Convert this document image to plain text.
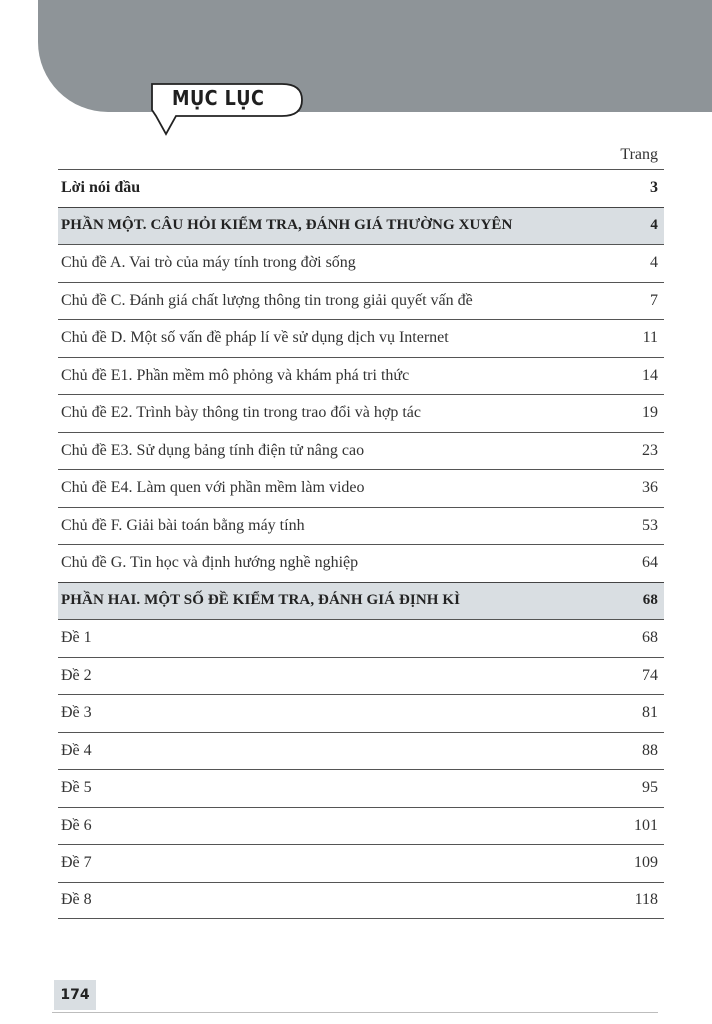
MỤC LỤC
Trang
Lời nói đầu	3
PHẦN MỘT. CÂU HỎI KIỂM TRA, ĐÁNH GIÁ THƯỜNG XUYÊN	4
Chủ đề A. Vai trò của máy tính trong đời sống	4
Chủ đề C. Đánh giá chất lượng thông tin trong giải quyết vấn đề	7
Chủ đề D. Một số vấn đề pháp lí về sử dụng dịch vụ Internet	11
Chủ đề E1. Phần mềm mô phỏng và khám phá tri thức	14
Chủ đề E2. Trình bày thông tin trong trao đổi và hợp tác	19
Chủ đề E3. Sử dụng bảng tính điện tử nâng cao	23
Chủ đề E4. Làm quen với phần mềm làm video	36
Chủ đề F. Giải bài toán bằng máy tính	53
Chủ đề G. Tin học và định hướng nghề nghiệp	64
PHẦN HAI. MỘT SỐ ĐỀ KIỂM TRA, ĐÁNH GIÁ ĐỊNH KÌ	68
Đề 1	68
Đề 2	74
Đề 3	81
Đề 4	88
Đề 5	95
Đề 6	101
Đề 7	109
Đề 8	118
174
